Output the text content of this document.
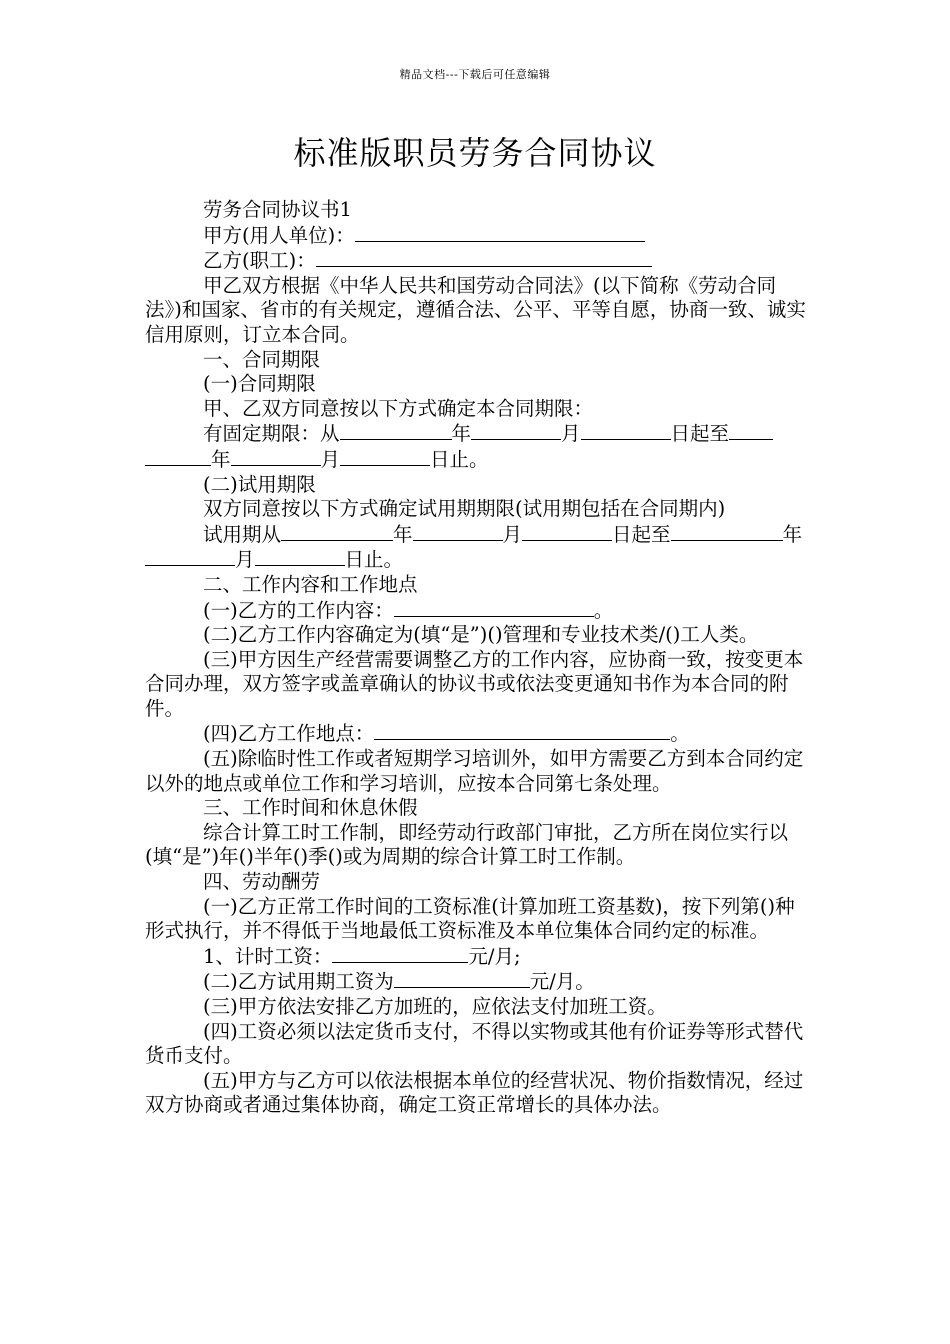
精品文档---下载后可任意编辑
标准版职员劳务合同协议

劳务合同协议书1

甲方(用人单位)：

乙方(职工)：

甲乙双方根据《中华人民共和国劳动合同法》(以下简称《劳动合同法》)和国家、省市的有关规定，遵循合法、公平、平等自愿，协商一致、诚实信用原则，订立本合同。

一、合同期限

(一)合同期限

甲、乙双方同意按以下方式确定本合同期限：

有固定期限：从	年	月	日起至年	月	日止。

(二)试用期限

双方同意按以下方式确定试用期期限(试用期包括在合同期内)

试用期从	年	月	日起至	年月	日止。

二、工作内容和工作地点

(一)乙方的工作内容：	。

(二)乙方工作内容确定为(填“是”)()管理和专业技术类/()工人类。

(三)甲方因生产经营需要调整乙方的工作内容，应协商一致，按变更本合同办理，双方签字或盖章确认的协议书或依法变更通知书作为本合同的附件。

(四)乙方工作地点：	。

(五)除临时性工作或者短期学习培训外，如甲方需要乙方到本合同约定以外的地点或单位工作和学习培训，应按本合同第七条处理。

三、工作时间和休息休假

综合计算工时工作制，即经劳动行政部门审批，乙方所在岗位实行以(填“是”)年()半年()季()或为周期的综合计算工时工作制。

四、劳动酬劳

(一)乙方正常工作时间的工资标准(计算加班工资基数)，按下列第()种形式执行，并不得低于当地最低工资标准及本单位集体合同约定的标准。

1、计时工资：	元/月;

(二)乙方试用期工资为	元/月。

(三)甲方依法安排乙方加班的，应依法支付加班工资。

(四)工资必须以法定货币支付，不得以实物或其他有价证券等形式替代货币支付。

(五)甲方与乙方可以依法根据本单位的经营状况、物价指数情况，经过双方协商或者通过集体协商，确定工资正常增长的具体办法。
